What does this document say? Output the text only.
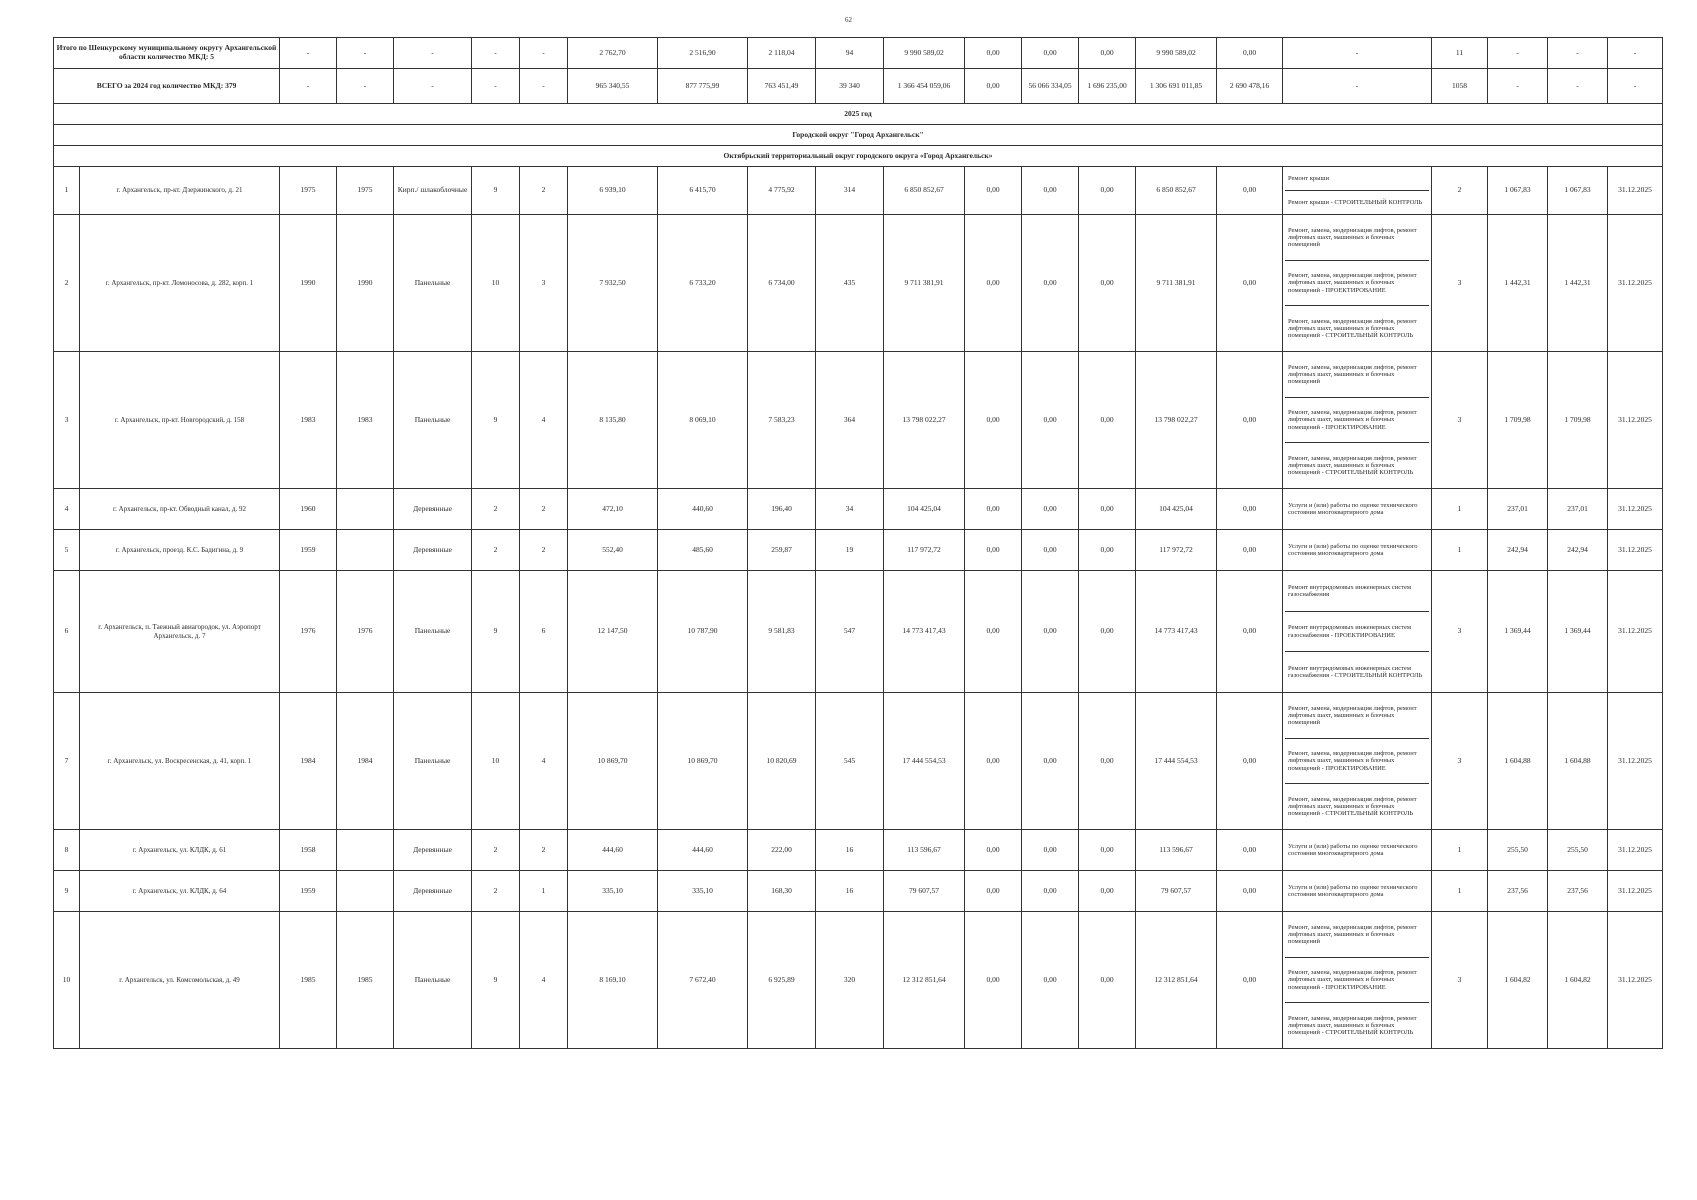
62
Итого по Шенкурскому муниципальному округу Архангельской области количество МКД: 5		-	-	-	-	-	2 762,70	2 516,90	2 118,04	94	9 990 589,02	0,00	0,00	0,00	9 990 589,02	0,00	-	11	-	-	-
ВСЕГО за 2024 год количество МКД: 379		-	-	-	-	-	965 340,55	877 775,99	763 451,49	39 340	1 366 454 059,06	0,00	56 066 334,05	1 696 235,00	1 306 691 011,85	2 690 478,16	-	1058	-	-	-
2025 год																					
Городской округ "Город Архангельск"																					
Октябрьский территориальный округ городского округа «Город Архангельск»																					
1	г. Архангельск, пр-кт. Дзержинского, д. 21	1975	1975	Кирп./ шлакоблочные	9	2	6 939,10	6 415,70	4 775,92	314	6 850 852,67	0,00	0,00	0,00	6 850 852,67	0,00	Ремонт крыши
Ремонт крыши - СТРОИТЕЛЬНЫЙ КОНТРОЛЬ	2	1 067,83	1 067,83	31.12.2025
2	г. Архангельск, пр-кт. Ломоносова, д. 282, корп. 1	1990	1990	Панельные	10	3	7 932,50	6 733,20	6 734,00	435	9 711 381,91	0,00	0,00	0,00	9 711 381,91	0,00	Ремонт, замена, модернизация лифтов, ремонт лифтовых шахт, машинных и блочных помещений
Ремонт, замена, модернизация лифтов, ремонт лифтовых шахт, машинных и блочных помещений - ПРОЕКТИРОВАНИЕ
Ремонт, замена, модернизация лифтов, ремонт лифтовых шахт, машинных и блочных помещений - СТРОИТЕЛЬНЫЙ КОНТРОЛЬ	3	1 442,31	1 442,31	31.12.2025
3	г. Архангельск, пр-кт. Новгородский, д. 158	1983	1983	Панельные	9	4	8 135,80	8 069,10	7 583,23	364	13 798 022,27	0,00	0,00	0,00	13 798 022,27	0,00	Ремонт, замена, модернизация лифтов, ремонт лифтовых шахт, машинных и блочных помещений
Ремонт, замена, модернизация лифтов, ремонт лифтовых шахт, машинных и блочных помещений - ПРОЕКТИРОВАНИЕ
Ремонт, замена, модернизация лифтов, ремонт лифтовых шахт, машинных и блочных помещений - СТРОИТЕЛЬНЫЙ КОНТРОЛЬ	3	1 709,98	1 709,98	31.12.2025
4	г. Архангельск, пр-кт. Обводный канал, д. 92	1960		Деревянные	2	2	472,10	440,60	196,40	34	104 425,04	0,00	0,00	0,00	104 425,04	0,00	Услуги и (или) работы по оценке технического состояния многоквартирного дома	1	237,01	237,01	31.12.2025
5	г. Архангельск, проезд. К.С. Бадигина, д. 9	1959		Деревянные	2	2	552,40	485,60	259,87	19	117 972,72	0,00	0,00	0,00	117 972,72	0,00	Услуги и (или) работы по оценке технического состояния многоквартирного дома	1	242,94	242,94	31.12.2025
6	г. Архангельск, п. Таежный авиагородок, ул. Аэропорт Архангельск, д. 7	1976	1976	Панельные	9	6	12 147,50	10 787,90	9 581,83	547	14 773 417,43	0,00	0,00	0,00	14 773 417,43	0,00	Ремонт внутридомовых инженерных систем газоснабжения
Ремонт внутридомовых инженерных систем газоснабжения - ПРОЕКТИРОВАНИЕ
Ремонт внутридомовых инженерных систем газоснабжения - СТРОИТЕЛЬНЫЙ КОНТРОЛЬ	3	1 369,44	1 369,44	31.12.2025
7	г. Архангельск, ул. Воскресенская, д. 41, корп. 1	1984	1984	Панельные	10	4	10 869,70	10 869,70	10 820,69	545	17 444 554,53	0,00	0,00	0,00	17 444 554,53	0,00	Ремонт, замена, модернизация лифтов, ремонт лифтовых шахт, машинных и блочных помещений
Ремонт, замена, модернизация лифтов, ремонт лифтовых шахт, машинных и блочных помещений - ПРОЕКТИРОВАНИЕ
Ремонт, замена, модернизация лифтов, ремонт лифтовых шахт, машинных и блочных помещений - СТРОИТЕЛЬНЫЙ КОНТРОЛЬ	3	1 604,88	1 604,88	31.12.2025
8	г. Архангельск, ул. КЛДК, д. 61	1958		Деревянные	2	2	444,60	444,60	222,00	16	113 596,67	0,00	0,00	0,00	113 596,67	0,00	Услуги и (или) работы по оценке технического состояния многоквартирного дома	1	255,50	255,50	31.12.2025
9	г. Архангельск, ул. КЛДК, д. 64	1959		Деревянные	2	1	335,10	335,10	168,30	16	79 607,57	0,00	0,00	0,00	79 607,57	0,00	Услуги и (или) работы по оценке технического состояния многоквартирного дома	1	237,56	237,56	31.12.2025
10	г. Архангельск, ул. Комсомольская, д. 49	1985	1985	Панельные	9	4	8 169,10	7 672,40	6 925,89	320	12 312 851,64	0,00	0,00	0,00	12 312 851,64	0,00	Ремонт, замена, модернизация лифтов, ремонт лифтовых шахт, машинных и блочных помещений
Ремонт, замена, модернизация лифтов, ремонт лифтовых шахт, машинных и блочных помещений - ПРОЕКТИРОВАНИЕ
Ремонт, замена, модернизация лифтов, ремонт лифтовых шахт, машинных и блочных помещений - СТРОИТЕЛЬНЫЙ КОНТРОЛЬ	3	1 604,82	1 604,82	31.12.2025
